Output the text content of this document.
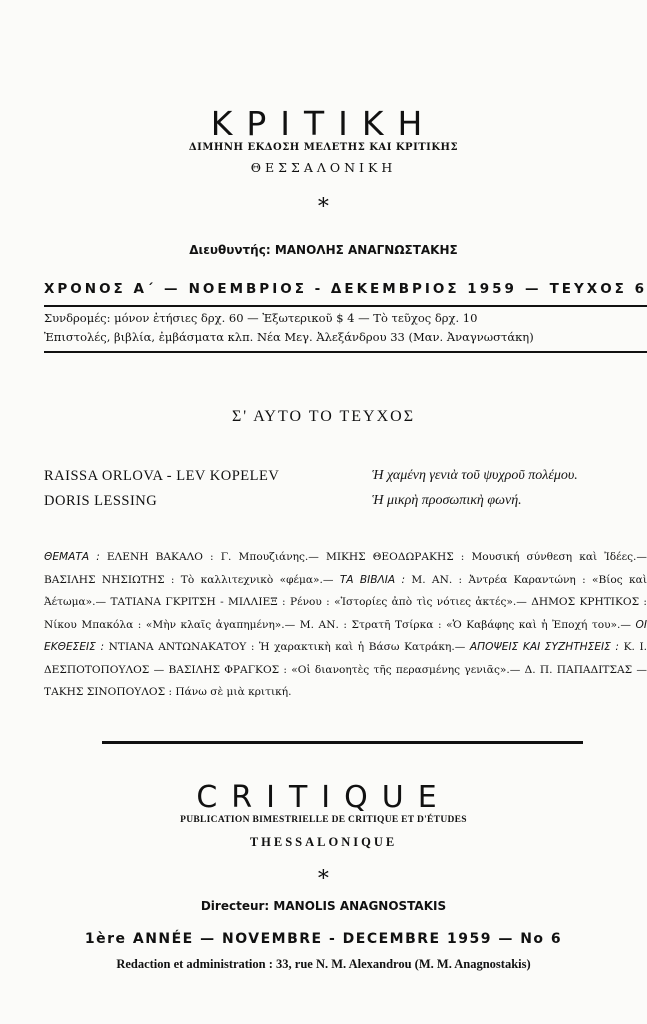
ΚΡΙΤΙΚΗ
ΔΙΜΗΝΗ ΕΚΔΟΣΗ ΜΕΛΕΤΗΣ ΚΑΙ ΚΡΙΤΙΚΗΣ
ΘΕΣΣΑΛΟΝΙΚΗ
∗
Διευθυντής: ΜΑΝΟΛΗΣ ΑΝΑΓΝΩΣΤΑΚΗΣ
ΧΡΟΝΟΣ Α΄ — ΝΟΕΜΒΡΙΟΣ - ΔΕΚΕΜΒΡΙΟΣ 1959 — ΤΕΥΧΟΣ 6
Συνδρομές: μόνον ἐτήσιες δρχ. 60 — Ἐξωτερικοῦ $ 4 — Τὸ τεῦχος δρχ. 10
Ἐπιστολές, βιβλία, ἐμβάσματα κλπ. Νέα Μεγ. Ἀλεξάνδρου 33 (Μαν. Ἀναγνωστάκη)
Σ' ΑΥΤΟ ΤΟ ΤΕΥΧΟΣ
RAISSA ORLOVA - LEV KOPELEV	Ἡ χαμένη γενιὰ τοῦ ψυχροῦ πολέμου.
DORIS LESSING	Ἡ μικρὴ προσωπικὴ φωνή.
ΘΕΜΑΤΑ : ΕΛΕΝΗ ΒΑΚΑΛΟ : Γ. Μπουζιάνης.— ΜΙΚΗΣ ΘΕΟΔΩΡΑΚΗΣ : Μουσική σύνθεση καὶ Ἰδέες.— ΒΑΣΙΛΗΣ ΝΗΣΙΩΤΗΣ : Τὸ καλλιτεχνικὸ «φέμα».— ΤΑ ΒΙΒΛΙΑ : Μ. ΑΝ. : Ἀντρέα Καραντώνη : «Βίος καὶ Ἀέτωμα».— ΤΑΤΙΑΝΑ ΓΚΡΙΤΣΗ - ΜΙΛΛΙΕΞ : Ρένου : «Ἱστορίες ἀπὸ τὶς νότιες ἀκτές».— ΔΗΜΟΣ ΚΡΗΤΙΚΟΣ : Νίκου Μπακόλα : «Μὴν κλαῖς ἀγαπημένη».— Μ. ΑΝ. : Στρατῆ Τσίρκα : «Ὁ Καβάφης καὶ ἡ Ἐποχή του».— ΟΙ ΕΚΘΕΣΕΙΣ : ΝΤΙΑΝΑ ΑΝΤΩΝΑΚΑΤΟΥ : Ἡ χαρακτικὴ καὶ ἡ Βάσω Κατράκη.— ΑΠΟΨΕΙΣ ΚΑΙ ΣΥΖΗΤΗΣΕΙΣ : Κ. Ι. ΔΕΣΠΟΤΟΠΟΥΛΟΣ — ΒΑΣΙΛΗΣ ΦΡΑΓΚΟΣ : «Οἱ διανοητὲς τῆς περασμένης γενιᾶς».— Δ. Π. ΠΑΠΑΔΙΤΣΑΣ — ΤΑΚΗΣ ΣΙΝΟΠΟΥΛΟΣ : Πάνω σὲ μιὰ κριτική.
CRITIQUE
PUBLICATION BIMESTRIELLE DE CRITIQUE ET D'ÉTUDES
THESSALONIQUE
∗
Directeur: MANOLIS ANAGNOSTAKIS
1ère ANNÉE — NOVEMBRE - DECEMBRE 1959 — No 6
Redaction et administration : 33, rue N. M. Alexandrou (M. M. Anagnostakis)
